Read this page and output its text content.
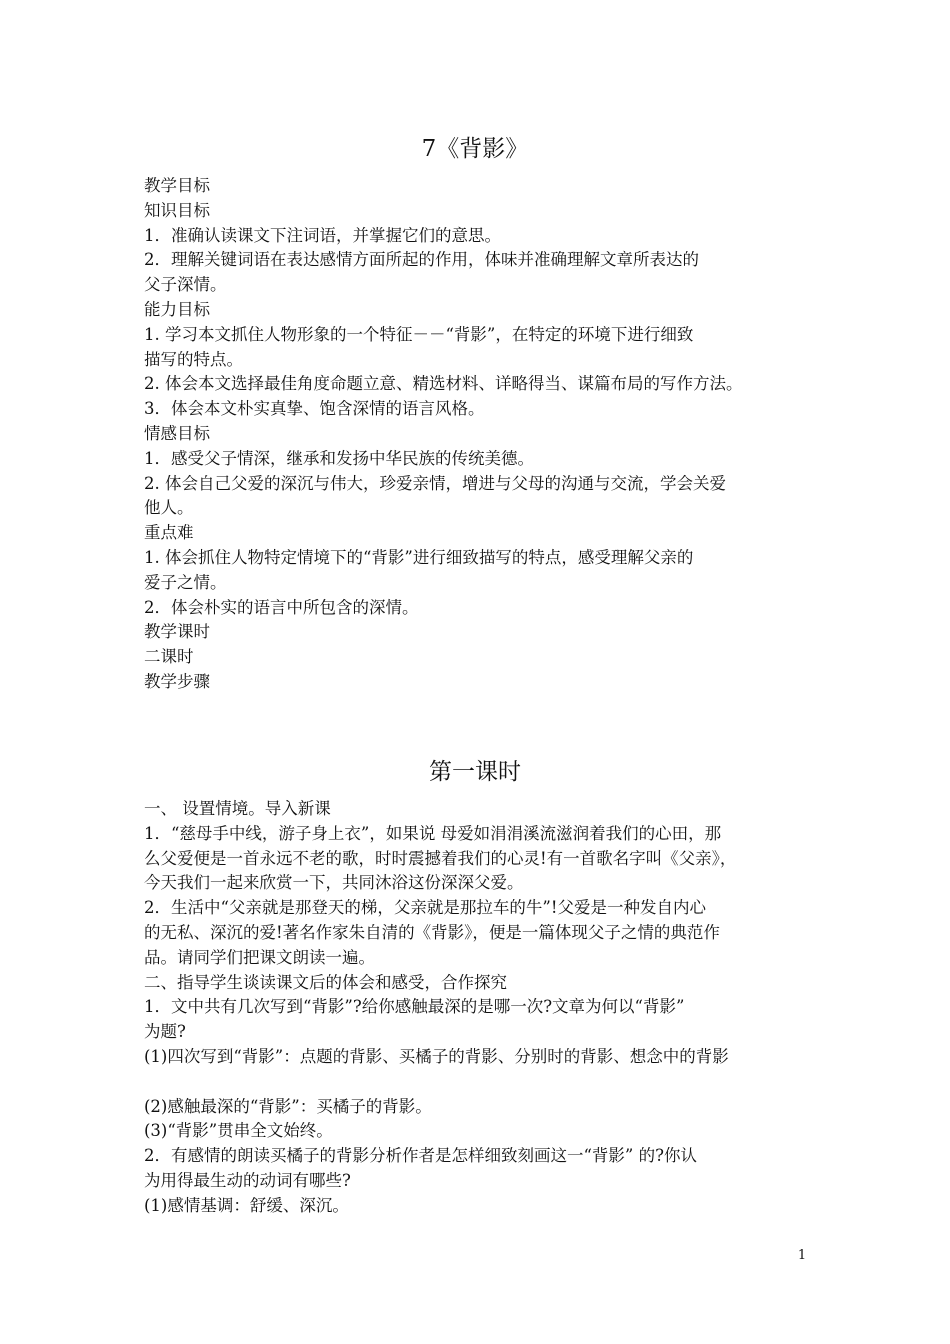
7《背影》
教学目标
知识目标
1．准确认读课文下注词语，并掌握它们的意思。
2．理解关键词语在表达感情方面所起的作用，体味并准确理解文章所表达的
父子深情。
能力目标
1. 学习本文抓住人物形象的一个特征－－“背影”，在特定的环境下进行细致
描写的特点。
2. 体会本文选择最佳角度命题立意、精选材料、详略得当、谋篇布局的写作方法。
3．体会本文朴实真挚、饱含深情的语言风格。
情感目标
1．感受父子情深，继承和发扬中华民族的传统美德。
2. 体会自己父爱的深沉与伟大，珍爱亲情，增进与父母的沟通与交流，学会关爱
他人。
重点难
1. 体会抓住人物特定情境下的“背影”进行细致描写的特点，感受理解父亲的
爱子之情。
2．体会朴实的语言中所包含的深情。
教学课时
二课时
教学步骤
第一课时
一、 设置情境。导入新课
1．“慈母手中线，游子身上衣”，如果说 母爱如涓涓溪流滋润着我们的心田，那
么父爱便是一首永远不老的歌，时时震撼着我们的心灵!有一首歌名字叫《父亲》，
今天我们一起来欣赏一下，共同沐浴这份深深父爱。
2．生活中“父亲就是那登天的梯，父亲就是那拉车的牛”!父爱是一种发自内心
的无私、深沉的爱!著名作家朱自清的《背影》，便是一篇体现父子之情的典范作
品。请同学们把课文朗读一遍。
二、指导学生谈读课文后的体会和感受，合作探究
1．文中共有几次写到“背影”?给你感触最深的是哪一次?文章为何以“背影”
为题?
(1)四次写到“背影”：点题的背影、买橘子的背影、分别时的背影、想念中的背影
(2)感触最深的“背影”：买橘子的背影。
(3)“背影”贯串全文始终。
2．有感情的朗读买橘子的背影分析作者是怎样细致刻画这一“背影” 的?你认
为用得最生动的动词有哪些?
(1)感情基调：舒缓、深沉。
1
